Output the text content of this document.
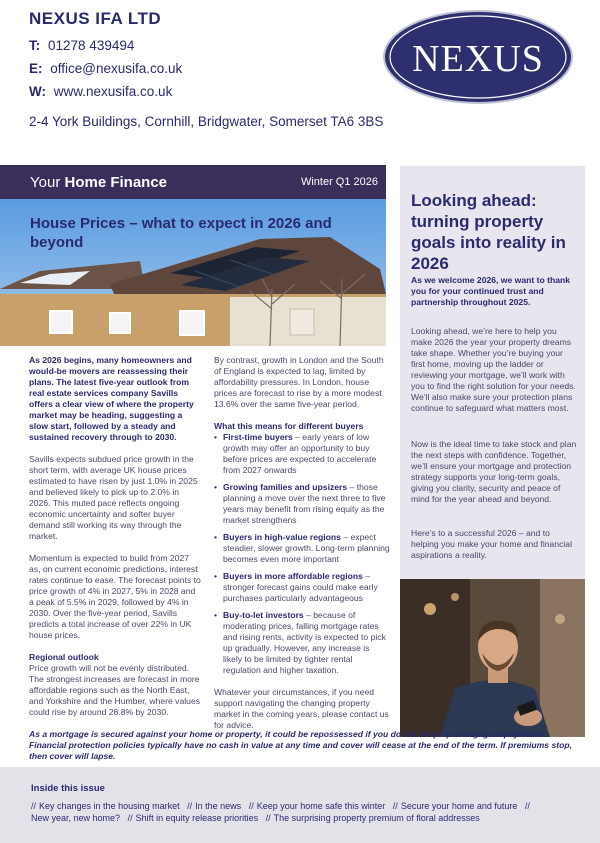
NEXUS IFA LTD
T: 01278 439494
E: office@nexusifa.co.uk
W: www.nexusifa.co.uk
2-4 York Buildings, Cornhill, Bridgwater, Somerset TA6 3BS
NEXUS
Your Home Finance	Winter Q1 2026
House Prices – what to expect in 2026 and beyond

As 2026 begins, many homeowners and would-be movers are reassessing their plans. The latest five-year outlook from real estate services company Savills offers a clear view of where the property market may be heading, suggesting a slow start, followed by a steady and sustained recovery through to 2030.

Savills expects subdued price growth in the short term, with average UK house prices estimated to have risen by just 1.0% in 2025 and believed likely to pick up to 2.0% in 2026. This muted pace reflects ongoing economic uncertainty and softer buyer demand still working its way through the market.

Momentum is expected to build from 2027 as, on current economic predictions, interest rates continue to ease. The forecast points to price growth of 4% in 2027, 5% in 2028 and a peak of 5.5% in 2029, followed by 4% in 2030. Over the five-year period, Savills predicts a total increase of over 22% in UK house prices.

Regional outlook

Price growth will not be evenly distributed. The strongest increases are forecast in more affordable regions such as the North East, and Yorkshire and the Humber, where values could rise by around 28.8% by 2030.

By contrast, growth in London and the South of England is expected to lag, limited by affordability pressures. In London, house prices are forecast to rise by a more modest 13.6% over the same five-year period.

What this means for different buyers
• First-time buyers – early years of low growth may offer an opportunity to buy before prices are expected to accelerate from 2027 onwards
• Growing families and upsizers – those planning a move over the next three to five years may benefit from rising equity as the market strengthens
• Buyers in high-value regions – expect steadier, slower growth. Long-term planning becomes even more important
• Buyers in more affordable regions – stronger forecast gains could make early purchases particularly advantageous
• Buy-to-let investors – because of moderating prices, falling mortgage rates and rising rents, activity is expected to pick up gradually. However, any increase is likely to be limited by tighter rental regulation and higher taxation.

Whatever your circumstances, if you need support navigating the changing property market in the coming years, please contact us for advice.

Looking ahead: turning property goals into reality in 2026
As we welcome 2026, we want to thank you for your continued trust and partnership throughout 2025.
Looking ahead, we’re here to help you make 2026 the year your property dreams take shape. Whether you’re buying your first home, moving up the ladder or reviewing your mortgage, we’ll work with you to find the right solution for your needs. We’ll also make sure your protection plans continue to safeguard what matters most.
Now is the ideal time to take stock and plan the next steps with confidence. Together, we’ll ensure your mortgage and protection strategy supports your long-term goals, giving you clarity, security and peace of mind for the year ahead and beyond.
Here’s to a successful 2026 – and to helping you make your home and financial aspirations a reality.
As a mortgage is secured against your home or property, it could be repossessed if you do not keep up mortgage repayments. Financial protection policies typically have no cash in value at any time and cover will cease at the end of the term. If premiums stop, then cover will lapse.
Inside this issue
// Key changes in the housing market // In the news // Keep your home safe this winter // Secure your home and future //
New year, new home? // Shift in equity release priorities // The surprising property premium of floral addresses
